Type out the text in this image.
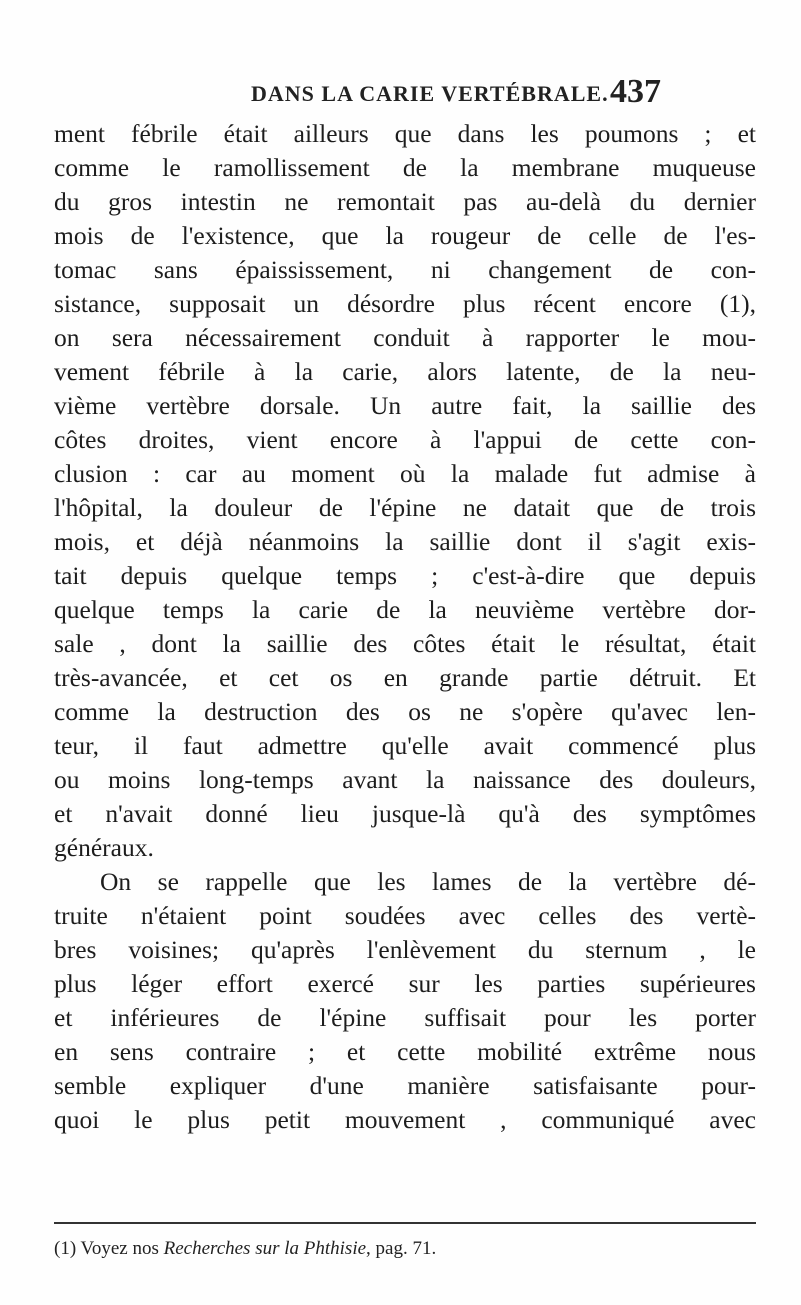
DANS LA CARIE VERTÉBRALE. 437
ment fébrile était ailleurs que dans les poumons ; et
comme le ramollissement de la membrane muqueuse
du gros intestin ne remontait pas au-delà du dernier
mois de l'existence, que la rougeur de celle de l'es-
tomac sans épaississement, ni changement de con-
sistance, supposait un désordre plus récent encore (1),
on sera nécessairement conduit à rapporter le mou-
vement fébrile à la carie, alors latente, de la neu-
vième vertèbre dorsale. Un autre fait, la saillie des
côtes droites, vient encore à l'appui de cette con-
clusion : car au moment où la malade fut admise à
l'hôpital, la douleur de l'épine ne datait que de trois
mois, et déjà néanmoins la saillie dont il s'agit exis-
tait depuis quelque temps ; c'est-à-dire que depuis
quelque temps la carie de la neuvième vertèbre dor-
sale , dont la saillie des côtes était le résultat, était
très-avancée, et cet os en grande partie détruit. Et
comme la destruction des os ne s'opère qu'avec len-
teur, il faut admettre qu'elle avait commencé plus
ou moins long-temps avant la naissance des douleurs,
et n'avait donné lieu jusque-là qu'à des symptômes
généraux.
On se rappelle que les lames de la vertèbre dé-
truite n'étaient point soudées avec celles des vertè-
bres voisines; qu'après l'enlèvement du sternum , le
plus léger effort exercé sur les parties supérieures
et inférieures de l'épine suffisait pour les porter
en sens contraire ; et cette mobilité extrême nous
semble expliquer d'une manière satisfaisante pour-
quoi le plus petit mouvement , communiqué avec
(1) Voyez nos Recherches sur la Phthisie, pag. 71.
